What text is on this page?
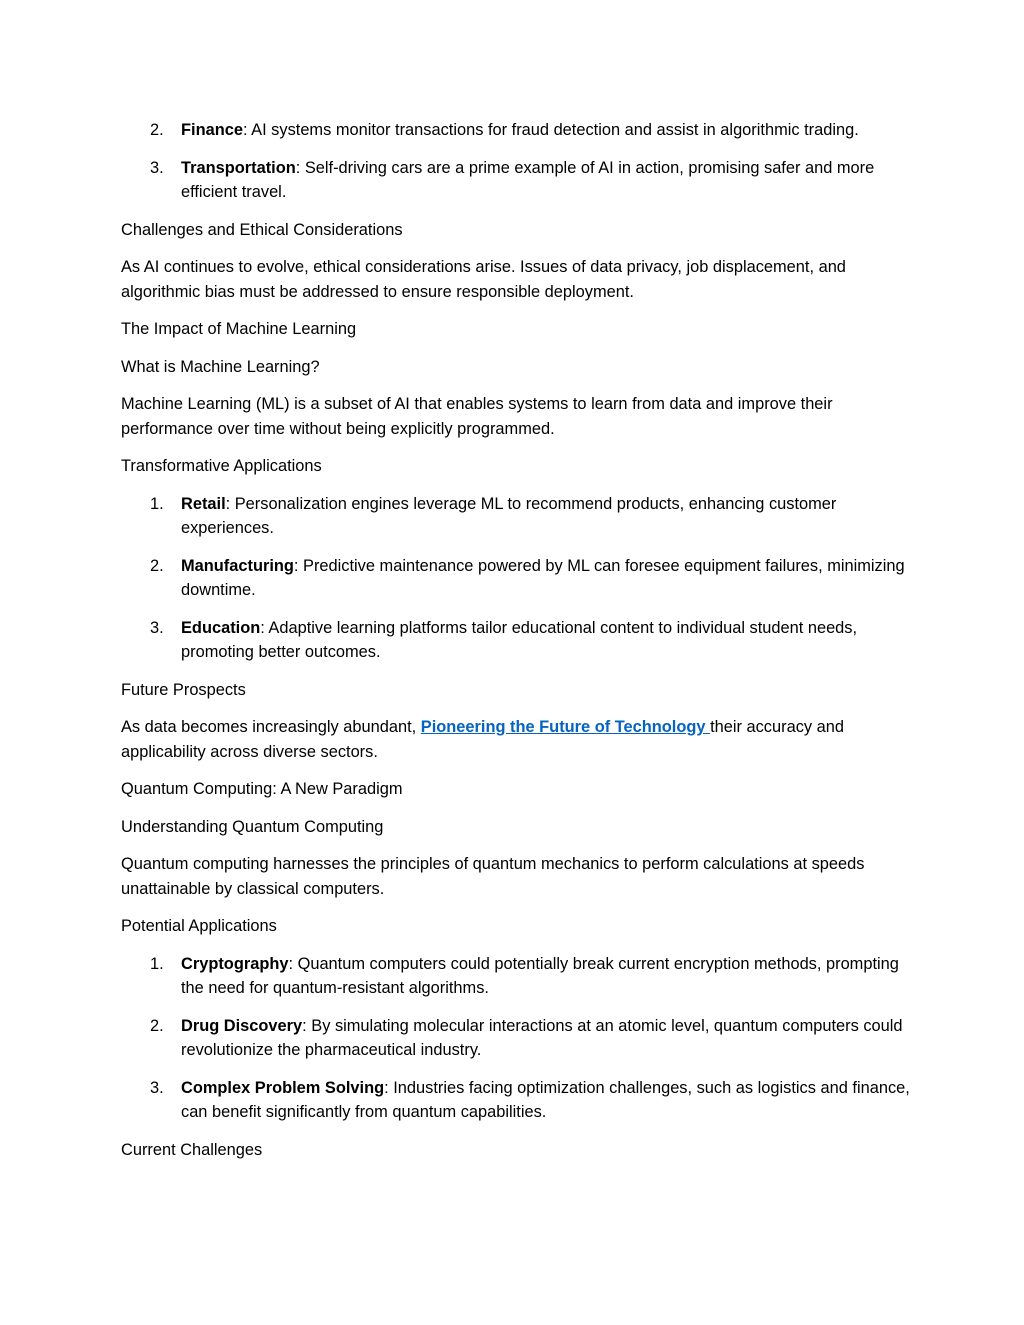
2. Finance: AI systems monitor transactions for fraud detection and assist in algorithmic trading.
3. Transportation: Self-driving cars are a prime example of AI in action, promising safer and more efficient travel.

Challenges and Ethical Considerations

As AI continues to evolve, ethical considerations arise. Issues of data privacy, job displacement, and algorithmic bias must be addressed to ensure responsible deployment.

The Impact of Machine Learning

What is Machine Learning?

Machine Learning (ML) is a subset of AI that enables systems to learn from data and improve their performance over time without being explicitly programmed.

Transformative Applications

1. Retail: Personalization engines leverage ML to recommend products, enhancing customer experiences.
2. Manufacturing: Predictive maintenance powered by ML can foresee equipment failures, minimizing downtime.
3. Education: Adaptive learning platforms tailor educational content to individual student needs, promoting better outcomes.

Future Prospects

As data becomes increasingly abundant, Pioneering the Future of Technology their accuracy and applicability across diverse sectors.

Quantum Computing: A New Paradigm

Understanding Quantum Computing

Quantum computing harnesses the principles of quantum mechanics to perform calculations at speeds unattainable by classical computers.

Potential Applications

1. Cryptography: Quantum computers could potentially break current encryption methods, prompting the need for quantum-resistant algorithms.
2. Drug Discovery: By simulating molecular interactions at an atomic level, quantum computers could revolutionize the pharmaceutical industry.
3. Complex Problem Solving: Industries facing optimization challenges, such as logistics and finance, can benefit significantly from quantum capabilities.

Current Challenges
